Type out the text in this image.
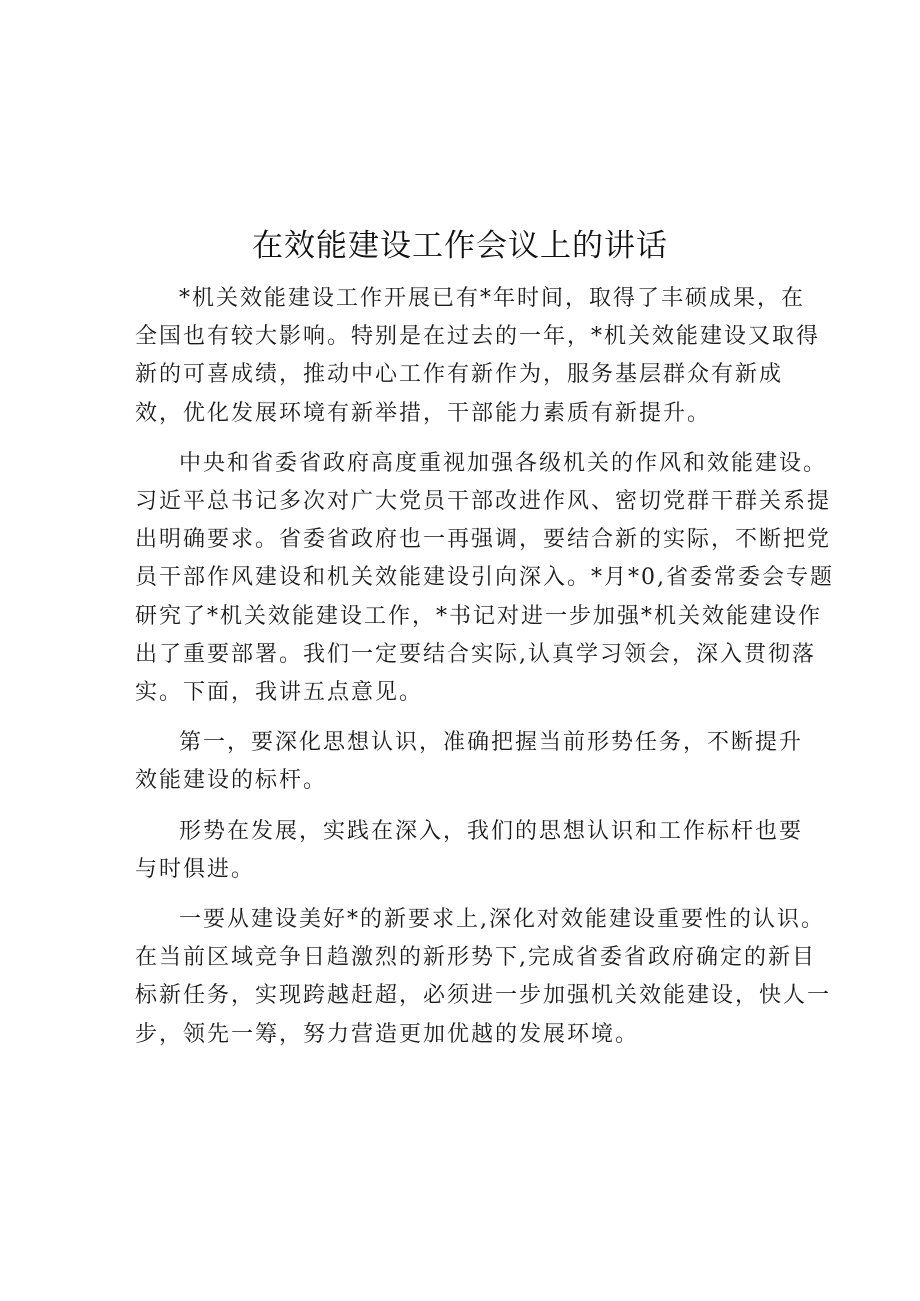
在效能建设工作会议上的讲话

*机关效能建设工作开展已有*年时间，取得了丰硕成果，在
全国也有较大影响。特别是在过去的一年，*机关效能建设又取得
新的可喜成绩，推动中心工作有新作为，服务基层群众有新成
效，优化发展环境有新举措，干部能力素质有新提升。

中央和省委省政府高度重视加强各级机关的作风和效能建设。
习近平总书记多次对广大党员干部改进作风、密切党群干群关系提
出明确要求。省委省政府也一再强调，要结合新的实际，不断把党
员干部作风建设和机关效能建设引向深入。*月*0,省委常委会专题
研究了*机关效能建设工作，*书记对进一步加强*机关效能建设作
出了重要部署。我们一定要结合实际,认真学习领会，深入贯彻落
实。下面，我讲五点意见。

第一，要深化思想认识，准确把握当前形势任务，不断提升
效能建设的标杆。

形势在发展，实践在深入，我们的思想认识和工作标杆也要
与时俱进。

一要从建设美好*的新要求上,深化对效能建设重要性的认识。
在当前区域竞争日趋激烈的新形势下,完成省委省政府确定的新目
标新任务，实现跨越赶超，必须进一步加强机关效能建设，快人一
步，领先一筹，努力营造更加优越的发展环境。
